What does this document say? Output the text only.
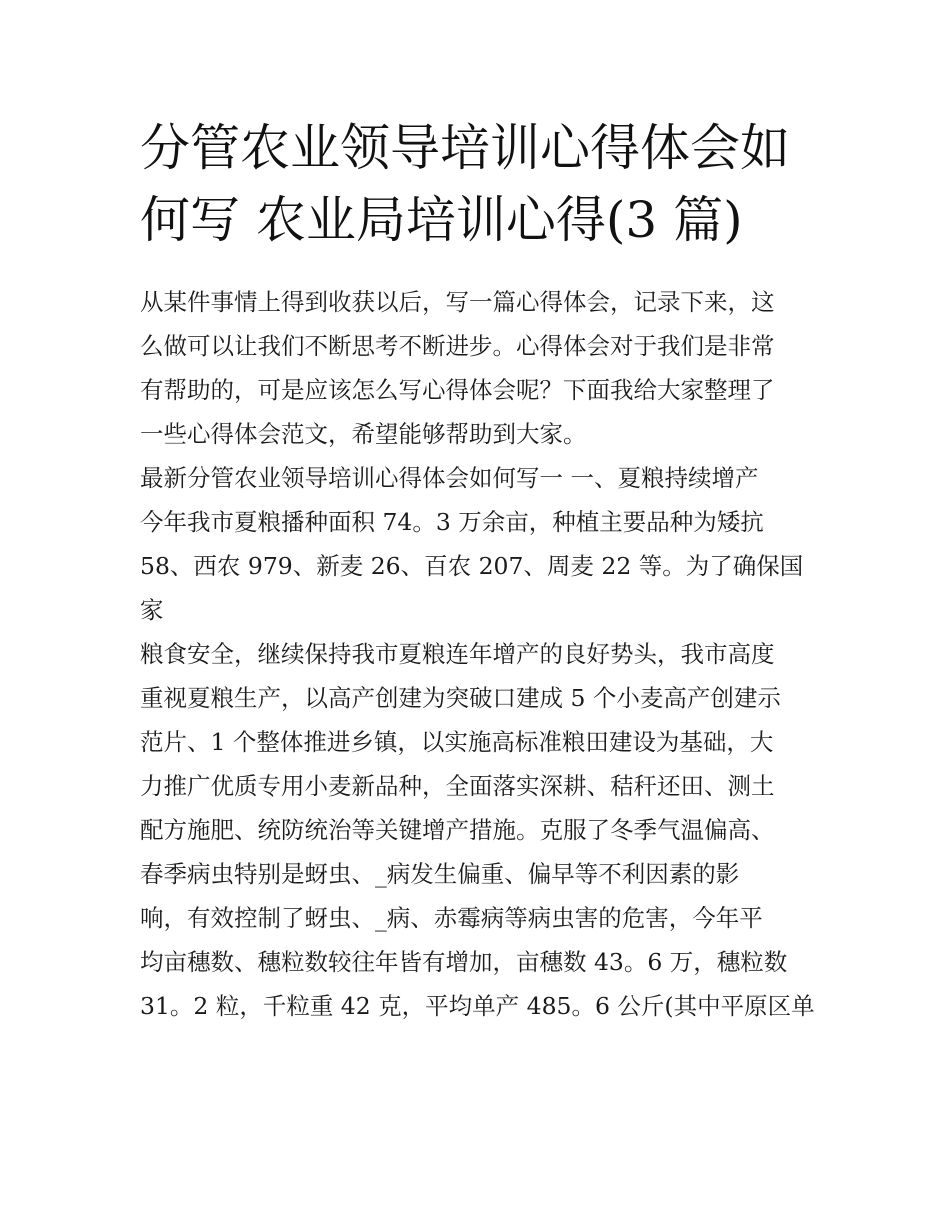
分管农业领导培训心得体会如
何写 农业局培训心得(3 篇)

从某件事情上得到收获以后，写一篇心得体会，记录下来，这
么做可以让我们不断思考不断进步。心得体会对于我们是非常
有帮助的，可是应该怎么写心得体会呢？下面我给大家整理了
一些心得体会范文，希望能够帮助到大家。

最新分管农业领导培训心得体会如何写一 一、夏粮持续增产
今年我市夏粮播种面积 74。3 万余亩，种植主要品种为矮抗
58、西农 979、新麦 26、百农 207、周麦 22 等。为了确保国家
粮食安全，继续保持我市夏粮连年增产的良好势头，我市高度
重视夏粮生产，以高产创建为突破口建成 5 个小麦高产创建示
范片、1 个整体推进乡镇，以实施高标准粮田建设为基础，大
力推广优质专用小麦新品种，全面落实深耕、秸秆还田、测土
配方施肥、统防统治等关键增产措施。克服了冬季气温偏高、
春季病虫特别是蚜虫、_病发生偏重、偏早等不利因素的影
响，有效控制了蚜虫、_病、赤霉病等病虫害的危害，今年平
均亩穗数、穗粒数较往年皆有增加，亩穗数 43。6 万，穗粒数
31。2 粒，千粒重 42 克，平均单产 485。6 公斤(其中平原区单
